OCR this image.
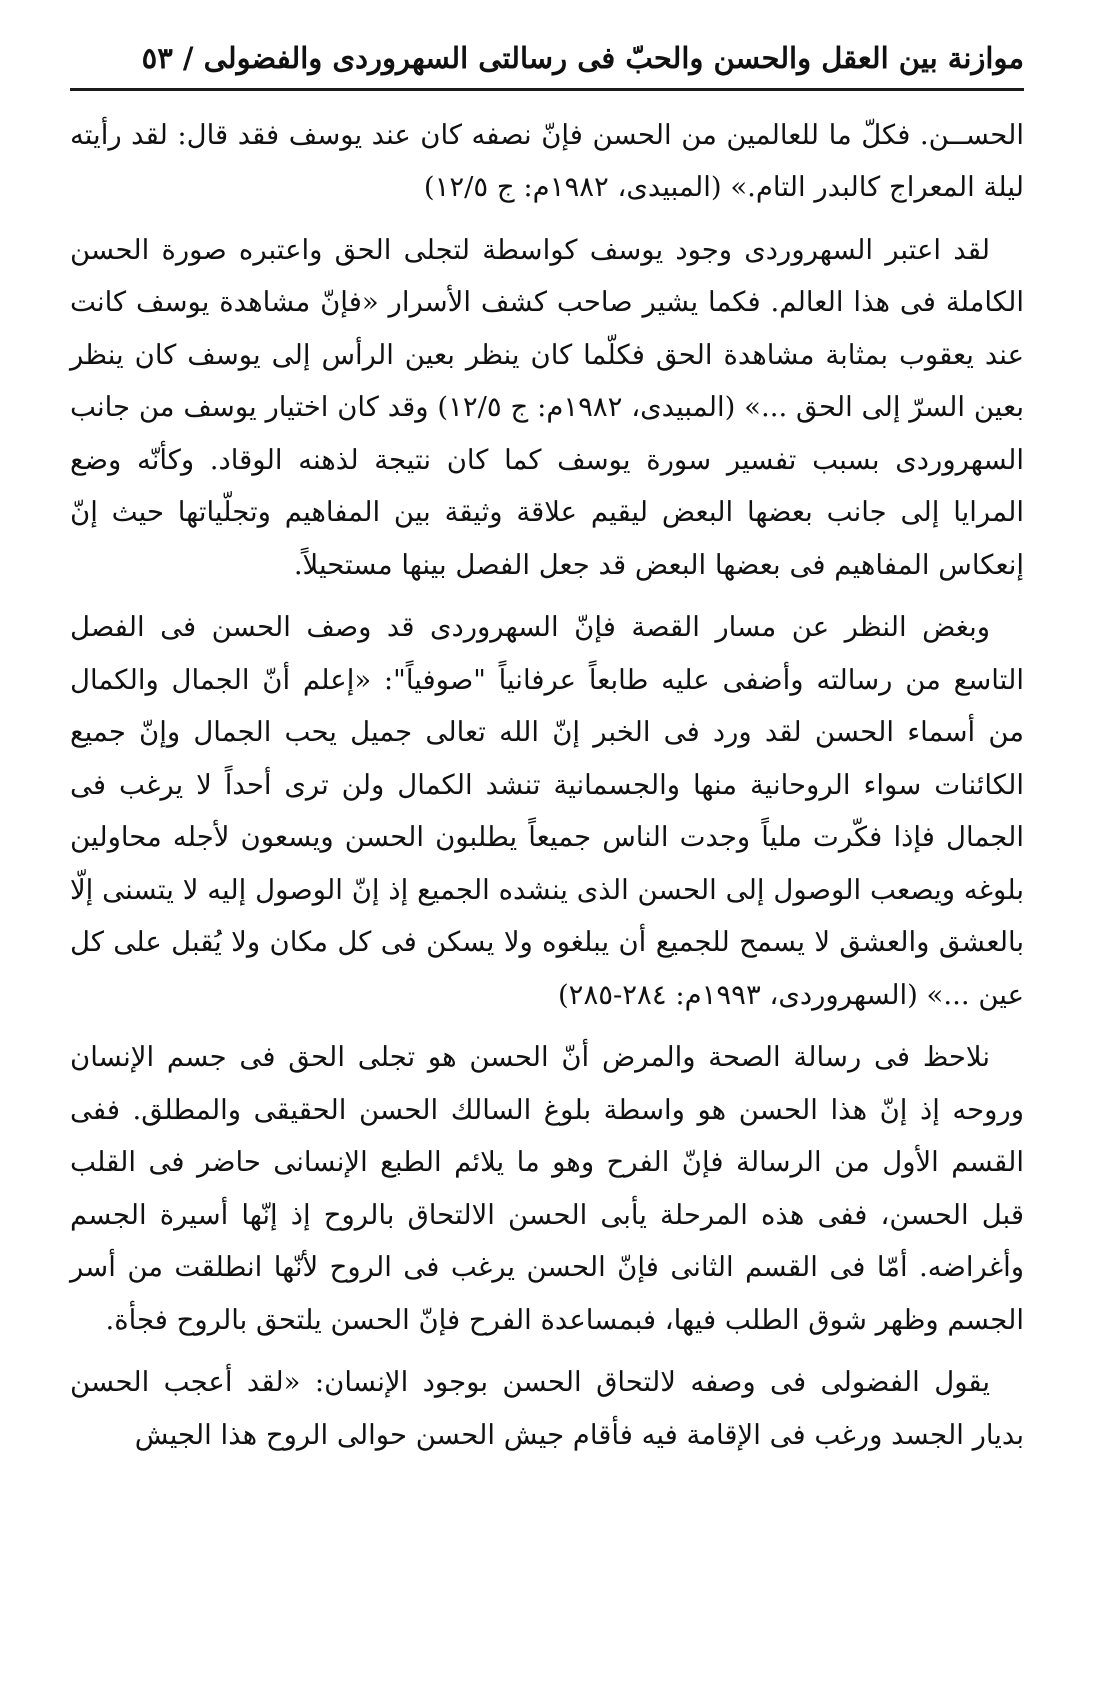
موازنة بين العقل والحسن والحبّ فى رسالتى السهروردى والفضولى / ٥٣

الحســن. فكلّ ما للعالمين من الحسن فإنّ نصفه كان عند يوسف فقد قال: لقد رأيته ليلة المعراج كالبدر التام.» (المبيدى، ١٩٨٢م: ج ١٢/٥)

لقد اعتبر السهروردى وجود يوسف كواسطة لتجلى الحق واعتبره صورة الحسن الكاملة فى هذا العالم. فكما يشير صاحب كشف الأسرار «فإنّ مشاهدة يوسف كانت عند يعقوب بمثابة مشاهدة الحق فكلّما كان ينظر بعين الرأس إلى يوسف كان ينظر بعين السرّ إلى الحق ...» (المبيدى، ١٩٨٢م: ج ١٢/٥) وقد كان اختيار يوسف من جانب السهروردى بسبب تفسير سورة يوسف كما كان نتيجة لذهنه الوقاد. وكأنّه وضع المرايا إلى جانب بعضها البعض ليقيم علاقة وثيقة بين المفاهيم وتجلّياتها حيث إنّ إنعكاس المفاهيم فى بعضها البعض قد جعل الفصل بينها مستحيلاً.

وبغض النظر عن مسار القصة فإنّ السهروردى قد وصف الحسن فى الفصل التاسع من رسالته وأضفى عليه طابعاً عرفانياً "صوفياً": «إعلم أنّ الجمال والكمال من أسماء الحسن لقد ورد فى الخبر إنّ الله تعالى جميل يحب الجمال وإنّ جميع الكائنات سواء الروحانية منها والجسمانية تنشد الكمال ولن ترى أحداً لا يرغب فى الجمال فإذا فكّرت ملياً وجدت الناس جميعاً يطلبون الحسن ويسعون لأجله محاولين بلوغه ويصعب الوصول إلى الحسن الذى ينشده الجميع إذ إنّ الوصول إليه لا يتسنى إلّا بالعشق والعشق لا يسمح للجميع أن يبلغوه ولا يسكن فى كل مكان ولا يُقبل على كل عين ...» (السهروردى، ١٩٩٣م: ٢٨٤-٢٨٥)

نلاحظ فى رسالة الصحة والمرض أنّ الحسن هو تجلى الحق فى جسم الإنسان وروحه إذ إنّ هذا الحسن هو واسطة بلوغ السالك الحسن الحقيقى والمطلق. ففى القسم الأول من الرسالة فإنّ الفرح وهو ما يلائم الطبع الإنسانى حاضر فى القلب قبل الحسن، ففى هذه المرحلة يأبى الحسن الالتحاق بالروح إذ إنّها أسيرة الجسم وأغراضه. أمّا فى القسم الثانى فإنّ الحسن يرغب فى الروح لأنّها انطلقت من أسر الجسم وظهر شوق الطلب فيها، فبمساعدة الفرح فإنّ الحسن يلتحق بالروح فجأة.

يقول الفضولى فى وصفه لالتحاق الحسن بوجود الإنسان: «لقد أعجب الحسن بديار الجسد ورغب فى الإقامة فيه فأقام جيش الحسن حوالى الروح هذا الجيش
